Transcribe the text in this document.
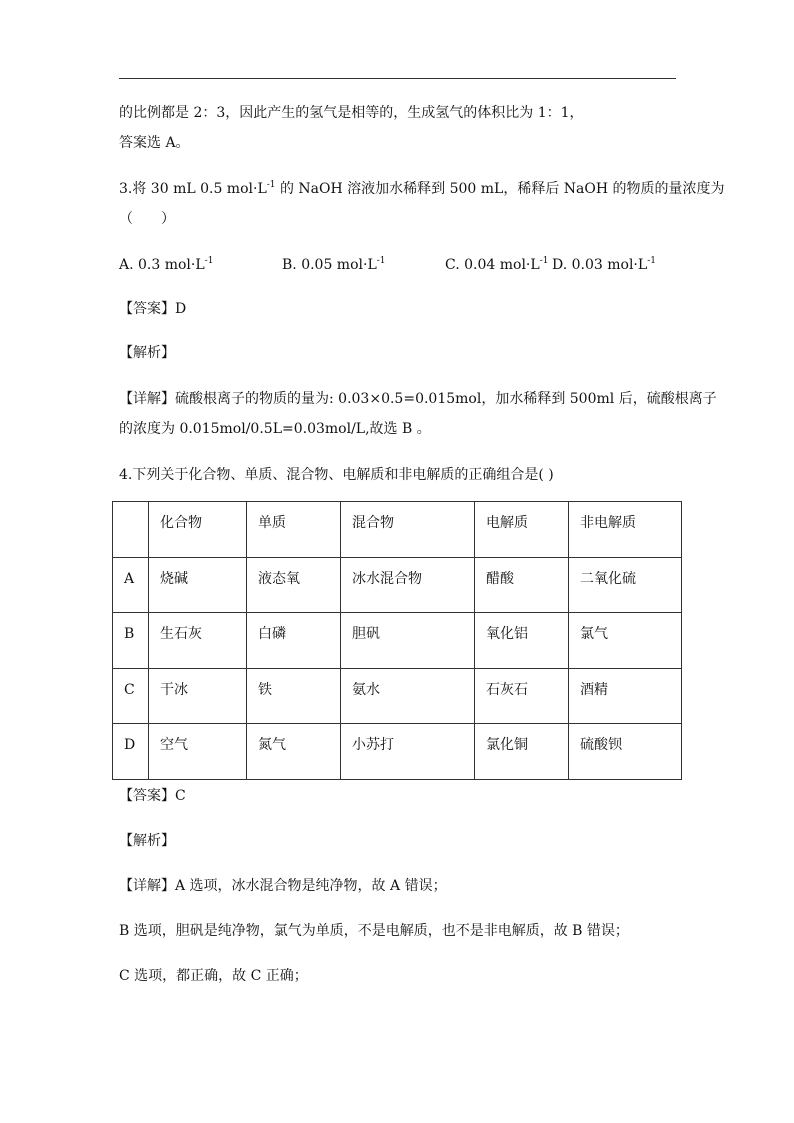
的比例都是 2：3，因此产生的氢气是相等的，生成氢气的体积比为 1：1，
答案选 A。
3.将 30 mL 0.5 $mol\cdot L^{-1}$ 的 NaOH 溶液加水稀释到 500 mL，稀释后 NaOH 的物质的量浓度为
（　　）
A. 0.3 $mol\cdot L^{-1}$	B. 0.05 $mol\cdot L^{-1}$	C. 0.04 $mol\cdot L^{-1}$ D. 0.03 $mol\cdot L^{-1}$
【答案】D
【解析】
【详解】硫酸根离子的物质的量为: 0.03×0.5=0.015mol，加水稀释到 500ml 后，硫酸根离子
的浓度为 0.015mol/0.5L=0.03mol/L,故选 B 。
4.下列关于化合物、单质、混合物、电解质和非电解质的正确组合是( )
	化合物	单质	混合物	电解质	非电解质
A	烧碱	液态氧	冰水混合物	醋酸	二氧化硫
B	生石灰	白磷	胆矾	氧化铝	氯气
C	干冰	铁	氨水	石灰石	酒精
D	空气	氮气	小苏打	氯化铜	硫酸钡
【答案】C
【解析】
【详解】A 选项，冰水混合物是纯净物，故 A 错误；
B 选项，胆矾是纯净物，氯气为单质，不是电解质，也不是非电解质，故 B 错误；
C 选项，都正确，故 C 正确；
